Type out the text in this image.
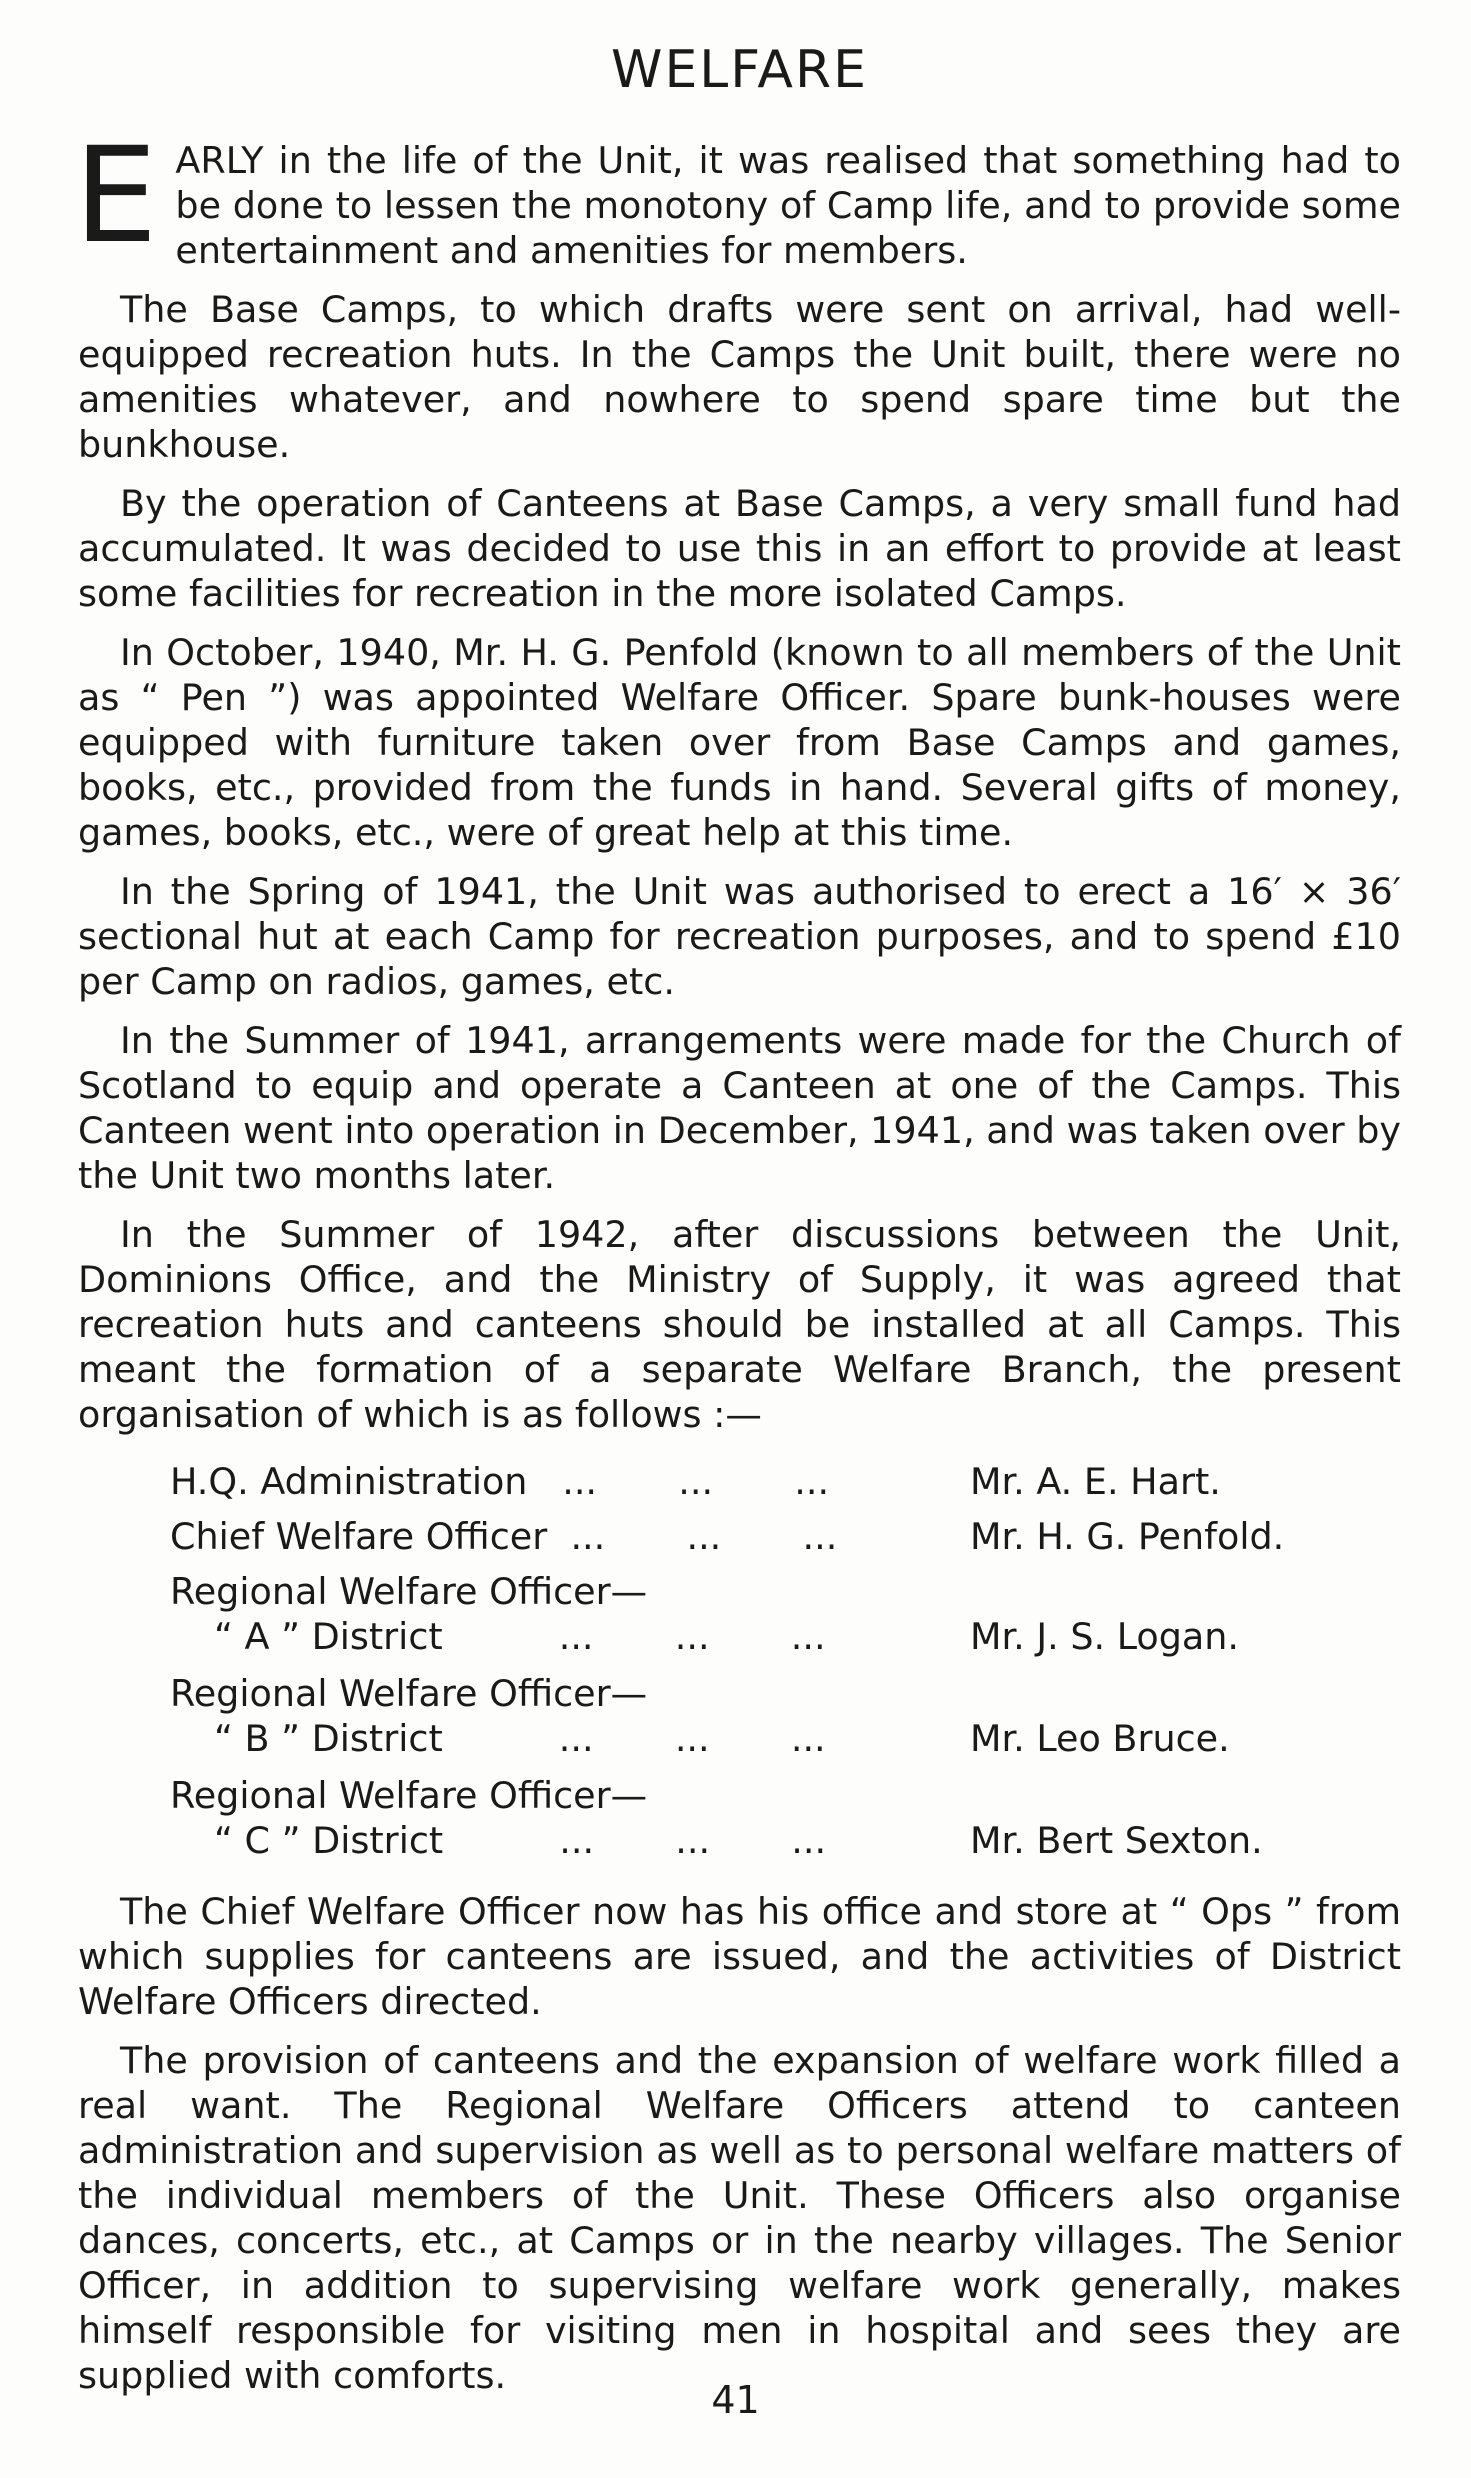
WELFARE

EARLY in the life of the Unit, it was realised that something had to be done to lessen the monotony of Camp life, and to provide some entertainment and amenities for members.

The Base Camps, to which drafts were sent on arrival, had well-equipped recreation huts. In the Camps the Unit built, there were no amenities whatever, and nowhere to spend spare time but the bunkhouse.

By the operation of Canteens at Base Camps, a very small fund had accumulated. It was decided to use this in an effort to provide at least some facilities for recreation in the more isolated Camps.

In October, 1940, Mr. H. G. Penfold (known to all members of the Unit as “ Pen ”) was appointed Welfare Officer. Spare bunk-houses were equipped with furniture taken over from Base Camps and games, books, etc., provided from the funds in hand. Several gifts of money, games, books, etc., were of great help at this time.

In the Spring of 1941, the Unit was authorised to erect a 16′ × 36′ sectional hut at each Camp for recreation purposes, and to spend £10 per Camp on radios, games, etc.

In the Summer of 1941, arrangements were made for the Church of Scotland to equip and operate a Canteen at one of the Camps. This Canteen went into operation in December, 1941, and was taken over by the Unit two months later.

In the Summer of 1942, after discussions between the Unit, Dominions Office, and the Ministry of Supply, it was agreed that recreation huts and canteens should be installed at all Camps. This meant the formation of a separate Welfare Branch, the present organisation of which is as follows :—

H.Q. Administration   ...       ...       ...	Mr. A. E. Hart.
Chief Welfare Officer  ...       ...       ...	Mr. H. G. Penfold.
Regional Welfare Officer—
“ A ” District          ...       ...       ...	Mr. J. S. Logan.
Regional Welfare Officer—
“ B ” District          ...       ...       ...	Mr. Leo Bruce.
Regional Welfare Officer—
“ C ” District          ...       ...       ...	Mr. Bert Sexton.

The Chief Welfare Officer now has his office and store at “ Ops ” from which supplies for canteens are issued, and the activities of District Welfare Officers directed.

The provision of canteens and the expansion of welfare work filled a real want. The Regional Welfare Officers attend to canteen administration and supervision as well as to personal welfare matters of the individual members of the Unit. These Officers also organise dances, concerts, etc., at Camps or in the nearby villages. The Senior Officer, in addition to supervising welfare work generally, makes himself responsible for visiting men in hospital and sees they are supplied with comforts.

41
